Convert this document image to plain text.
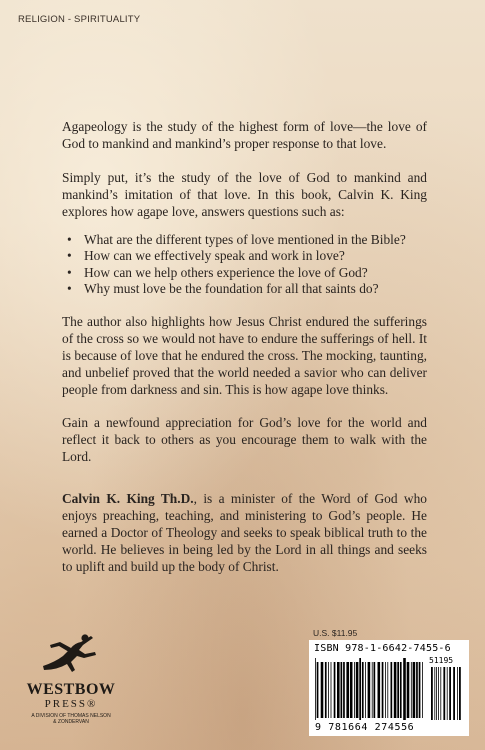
RELIGION - SPIRITUALITY

Agapeology is the study of the highest form of love—the love of God to mankind and mankind’s proper response to that love.

Simply put, it’s the study of the love of God to mankind and mankind’s imitation of that love. In this book, Calvin K. King explores how agape love, answers questions such as:

• What are the different types of love mentioned in the Bible?
• How can we effectively speak and work in love?
• How can we help others experience the love of God?
• Why must love be the foundation for all that saints do?

The author also highlights how Jesus Christ endured the sufferings of the cross so we would not have to endure the sufferings of hell. It is because of love that he endured the cross. The mocking, taunting, and unbelief proved that the world needed a savior who can deliver people from darkness and sin. This is how agape love thinks.

Gain a newfound appreciation for God’s love for the world and reflect it back to others as you encourage them to walk with the Lord.

Calvin K. King Th.D., is a minister of the Word of God who enjoys preaching, teaching, and ministering to God’s people. He earned a Doctor of Theology and seeks to speak biblical truth to the world. He believes in being led by the Lord in all things and seeks to uplift and build up the body of Christ.

U.S. $11.95
ISBN 978-1-6642-7455-6
51195
9 781664 274556
WESTBOW
PRESS®
A DIVISION OF THOMAS NELSON
& ZONDERVAN
